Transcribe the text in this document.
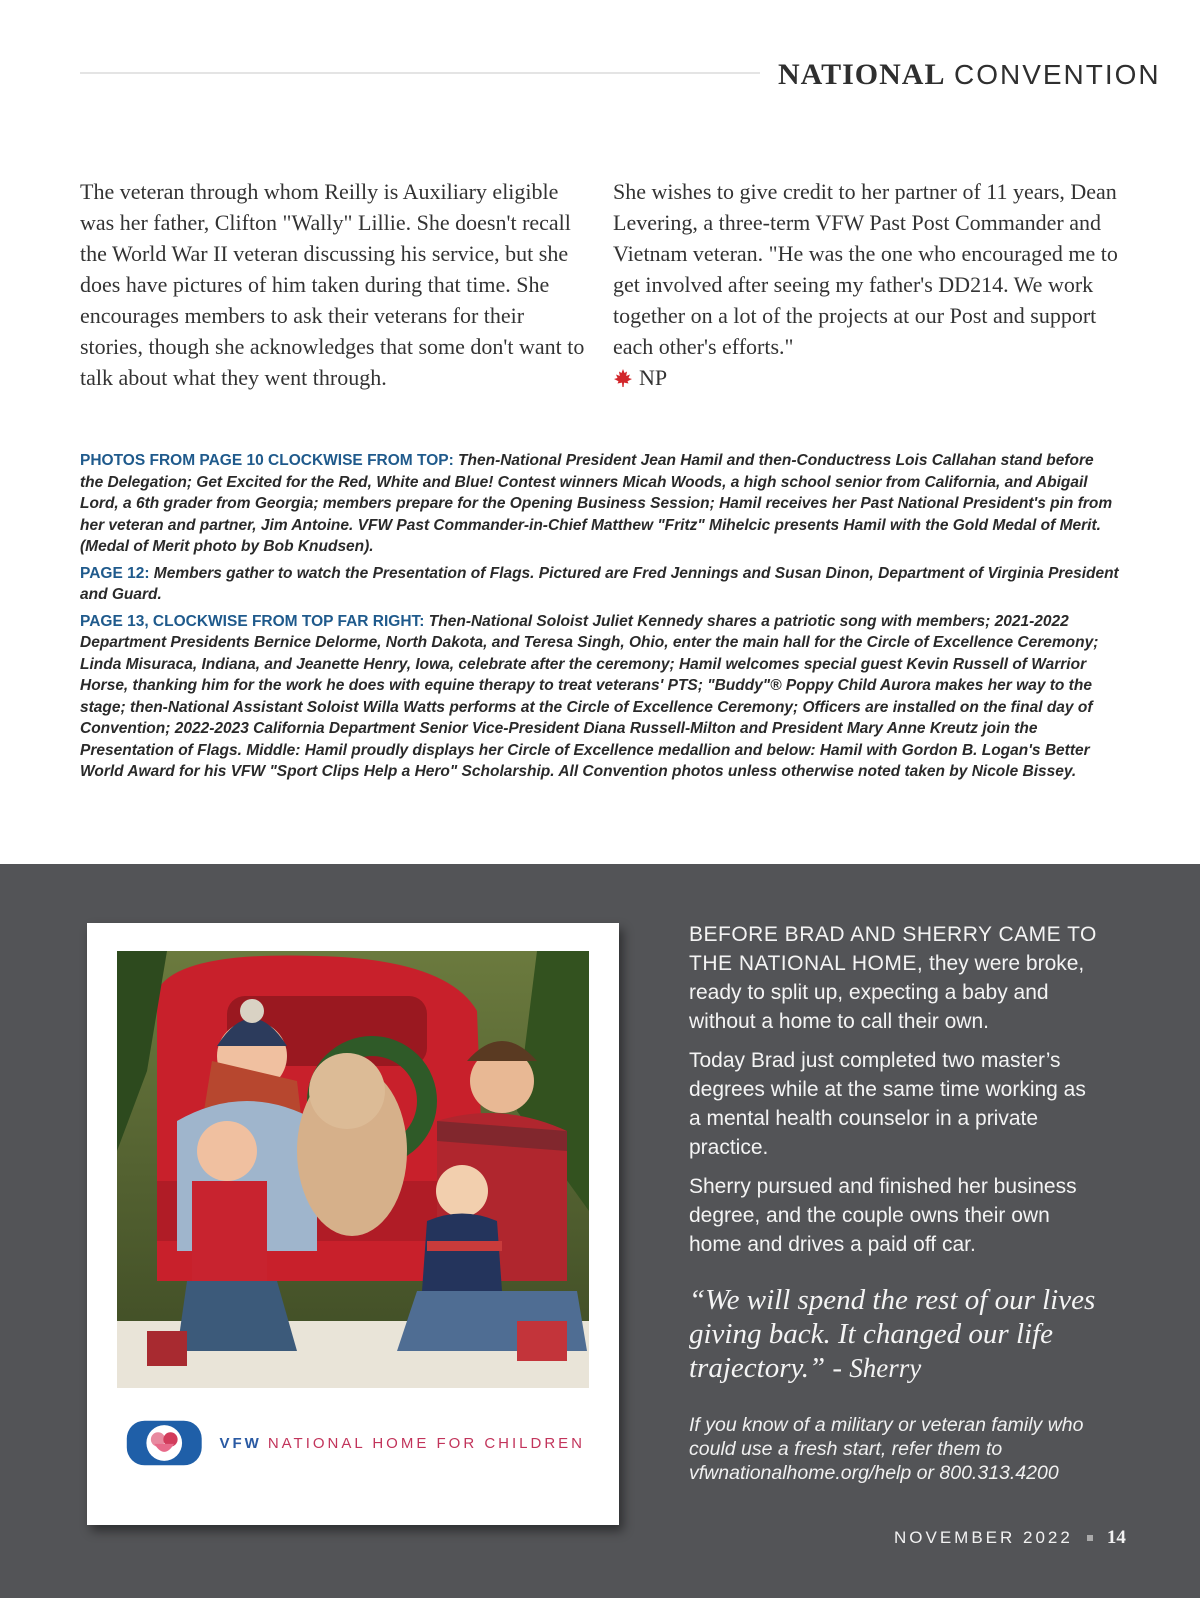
NATIONAL CONVENTION

The veteran through whom Reilly is Auxiliary eligible was her father, Clifton "Wally" Lillie. She doesn't recall the World War II veteran discussing his service, but she does have pictures of him taken during that time. She encourages members to ask their veterans for their stories, though she acknowledges that some don't want to talk about what they went through.

She wishes to give credit to her partner of 11 years, Dean Levering, a three-term VFW Past Post Commander and Vietnam veteran. "He was the one who encouraged me to get involved after seeing my father's DD214. We work together on a lot of the projects at our Post and support each other's efforts."

NP

PHOTOS FROM PAGE 10 CLOCKWISE FROM TOP: Then-National President Jean Hamil and then-Conductress Lois Callahan stand before the Delegation; Get Excited for the Red, White and Blue! Contest winners Micah Woods, a high school senior from California, and Abigail Lord, a 6th grader from Georgia; members prepare for the Opening Business Session; Hamil receives her Past National President's pin from her veteran and partner, Jim Antoine. VFW Past Commander-in-Chief Matthew "Fritz" Mihelcic presents Hamil with the Gold Medal of Merit.(Medal of Merit photo by Bob Knudsen).

PAGE 12: Members gather to watch the Presentation of Flags. Pictured are Fred Jennings and Susan Dinon, Department of Virginia President and Guard.

PAGE 13, CLOCKWISE FROM TOP FAR RIGHT: Then-National Soloist Juliet Kennedy shares a patriotic song with members; 2021-2022 Department Presidents Bernice Delorme, North Dakota, and Teresa Singh, Ohio, enter the main hall for the Circle of Excellence Ceremony; Linda Misuraca, Indiana, and Jeanette Henry, Iowa, celebrate after the ceremony; Hamil welcomes special guest Kevin Russell of Warrior Horse, thanking him for the work he does with equine therapy to treat veterans' PTS; "Buddy"® Poppy Child Aurora makes her way to the stage; then-National Assistant Soloist Willa Watts performs at the Circle of Excellence Ceremony; Officers are installed on the final day of Convention; 2022-2023 California Department Senior Vice-President Diana Russell-Milton and President Mary Anne Kreutz join the Presentation of Flags. Middle: Hamil proudly displays her Circle of Excellence medallion and below: Hamil with Gordon B. Logan's Better World Award for his VFW "Sport Clips Help a Hero" Scholarship. All Convention photos unless otherwise noted taken by Nicole Bissey.

VFW NATIONAL HOME FOR CHILDREN

BEFORE BRAD AND SHERRY CAME TO THE NATIONAL HOME, they were broke, ready to split up, expecting a baby and without a home to call their own.

Today Brad just completed two master’s degrees while at the same time working as a mental health counselor in a private practice.

Sherry pursued and finished her business degree, and the couple owns their own home and drives a paid off car.

“We will spend the rest of our lives giving back. It changed our life trajectory.” - Sherry
If you know of a military or veteran family who could use a fresh start, refer them to vfwnationalhome.org/help or 800.313.4200
NOVEMBER 2022 14
